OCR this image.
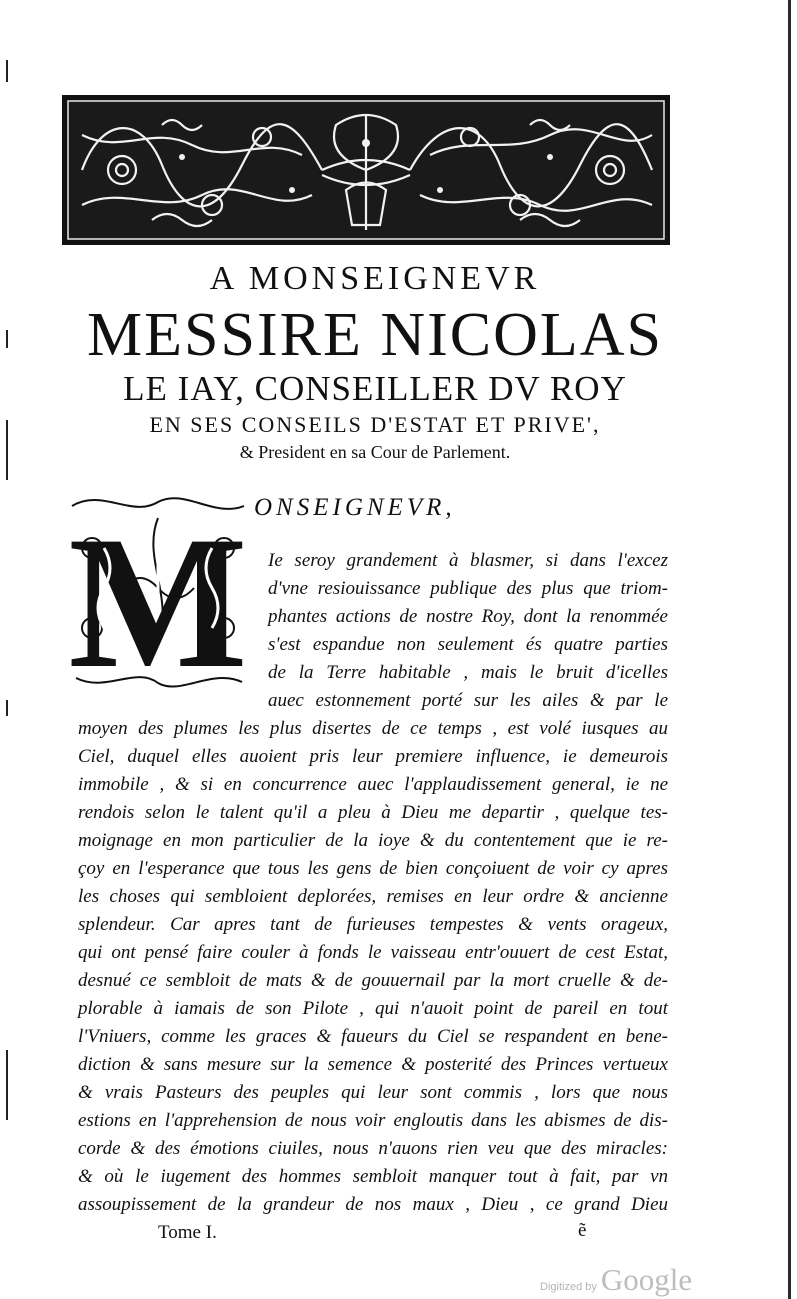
A MONSEIGNEVR

MESSIRE NICOLAS

LE IAY, CONSEILLER DV ROY

EN SES CONSEILS D'ESTAT ET PRIVE',

& President en sa Cour de Parlement.

M ONSEIGNEVR,
Ie seroy grandement à blasmer, si dans l'excez
d'vne resiouissance publique des plus que triom-
phantes actions de nostre Roy, dont la renommée
s'est espandue non seulement és quatre parties
de la Terre habitable , mais le bruit d'icelles
auec estonnement porté sur les ailes & par le
moyen des plumes les plus disertes de ce temps , est volé iusques au
Ciel, duquel elles auoient pris leur premiere influence, ie demeurois
immobile , & si en concurrence auec l'applaudissement general, ie ne
rendois selon le talent qu'il a pleu à Dieu me departir , quelque tes-
moignage en mon particulier de la ioye & du contentement que ie re-
çoy en l'esperance que tous les gens de bien conçoiuent de voir cy apres
les choses qui sembloient deplorées, remises en leur ordre & ancienne
splendeur. Car apres tant de furieuses tempestes & vents orageux,
qui ont pensé faire couler à fonds le vaisseau entr'ouuert de cest Estat,
desnué ce sembloit de mats & de gouuernail par la mort cruelle & de-
plorable à iamais de son Pilote , qui n'auoit point de pareil en tout
l'Vniuers, comme les graces & faueurs du Ciel se respandent en bene-
diction & sans mesure sur la semence & posterité des Princes vertueux
& vrais Pasteurs des peuples qui leur sont commis , lors que nous
estions en l'apprehension de nous voir engloutis dans les abismes de dis-
corde & des émotions ciuiles, nous n'auons rien veu que des miracles:
& où le iugement des hommes sembloit manquer tout à fait, par vn
assoupissement de la grandeur de nos maux , Dieu , ce grand Dieu
Tome I.	ẽ
Digitized by Google
